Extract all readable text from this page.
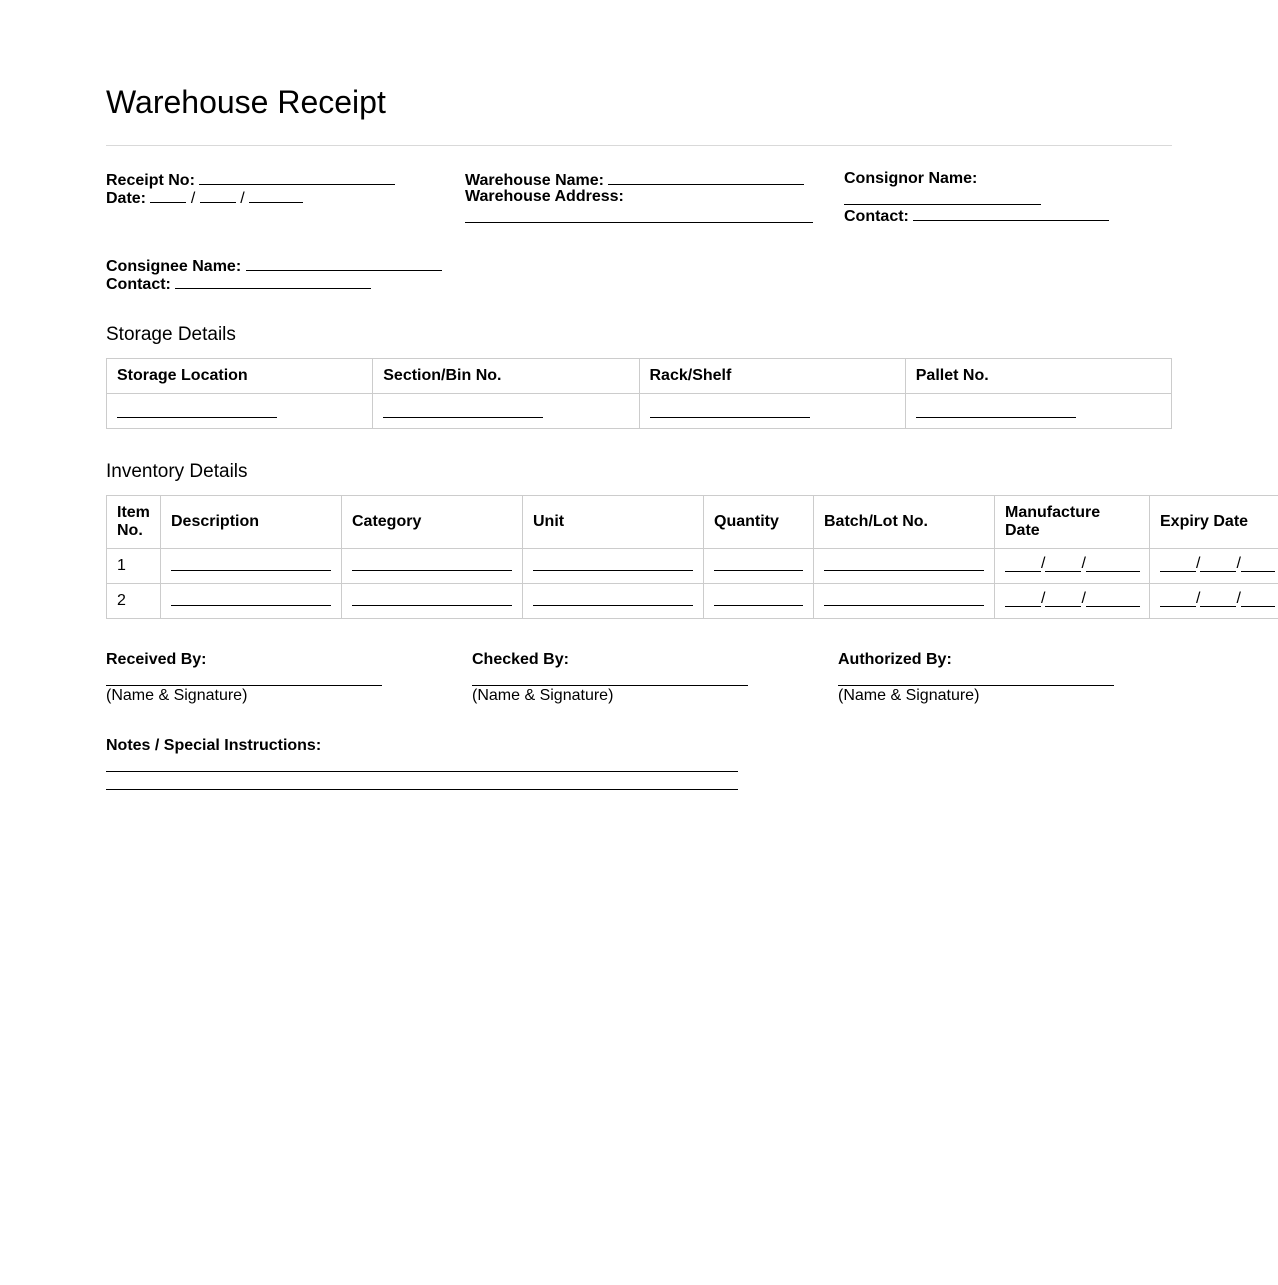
Warehouse Receipt
Receipt No:
Date:	/	/
Warehouse Name:
Warehouse Address:
Consignor Name:
Contact:
Consignee Name:
Contact:
Storage Details
Storage Location	Section/Bin No.	Rack/Shelf	Pallet No.

Inventory Details
Item No.	Description	Category	Unit	Quantity	Batch/Lot No.	Manufacture Date	Expiry Date
1						/ /	/ /

2						/ /	/ /
Received By:
(Name & Signature)
Checked By:
(Name & Signature)
Authorized By:
(Name & Signature)
Notes / Special Instructions:
